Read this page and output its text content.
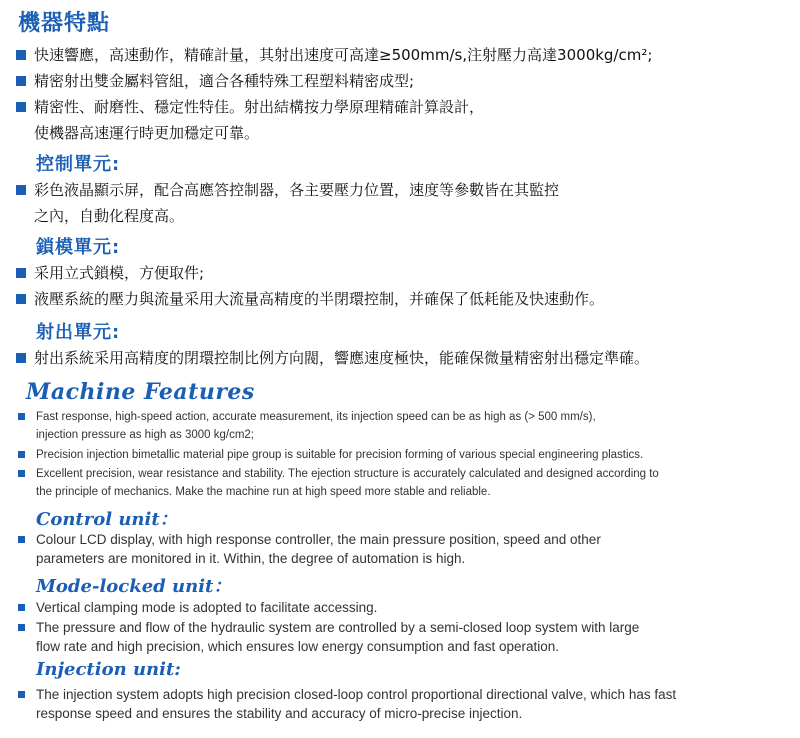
機器特點
快速響應，高速動作，精確計量，其射出速度可高達≥500mm/s,注射壓力高達3000kg/cm²;
精密射出雙金屬料管組，適合各種特殊工程塑料精密成型;
精密性、耐磨性、穩定性特佳。射出結構按力學原理精確計算設計，
使機器高速運行時更加穩定可靠。
控制單元:
彩色液晶顯示屏，配合高應答控制器，各主要壓力位置，速度等參數皆在其監控
之內，自動化程度高。
鎖模單元:
采用立式鎖模，方便取件;
液壓系統的壓力與流量采用大流量高精度的半閉環控制，并確保了低耗能及快速動作。
射出單元:
射出系統采用高精度的閉環控制比例方向閥，響應速度極快，能確保微量精密射出穩定準確。
Machine Features
Fast response, high-speed action, accurate measurement, its injection speed can be as high as (> 500 mm/s),
injection pressure as high as 3000 kg/cm2;
Precision injection bimetallic material pipe group is suitable for precision forming of various special engineering plastics.
Excellent precision, wear resistance and stability. The ejection structure is accurately calculated and designed according to
the principle of mechanics. Make the machine run at high speed more stable and reliable.
Control unit：
Colour LCD display, with high response controller, the main pressure position, speed and other
parameters are monitored in it. Within, the degree of automation is high.
Mode-locked unit：
Vertical clamping mode is adopted to facilitate accessing.
The pressure and flow of the hydraulic system are controlled by a semi-closed loop system with large
flow rate and high precision, which ensures low energy consumption and fast operation.
Injection unit:
The injection system adopts high precision closed-loop control proportional directional valve, which has fast
response speed and ensures the stability and accuracy of micro-precise injection.
